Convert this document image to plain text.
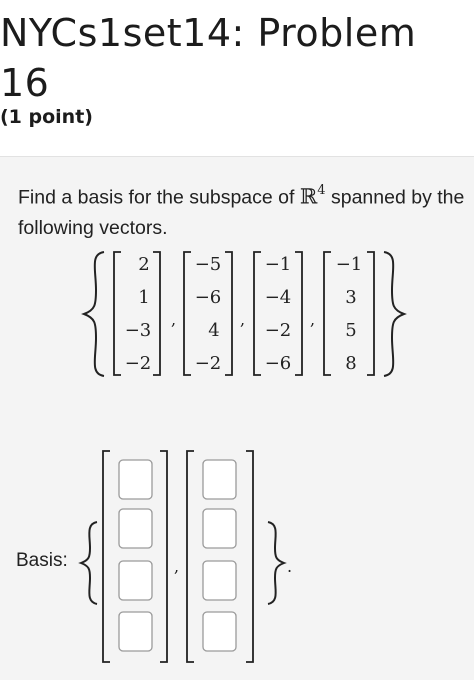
NYCs1set14: Problem
16
(1 point)
Find a basis for the subspace of ℝ$^4$ spanned by the following vectors.
2
1
−3
−2
,
−5
−6
4
−2
,
−1
−4
−2
−6
,
−1
3
5
8
Basis:	,	.
